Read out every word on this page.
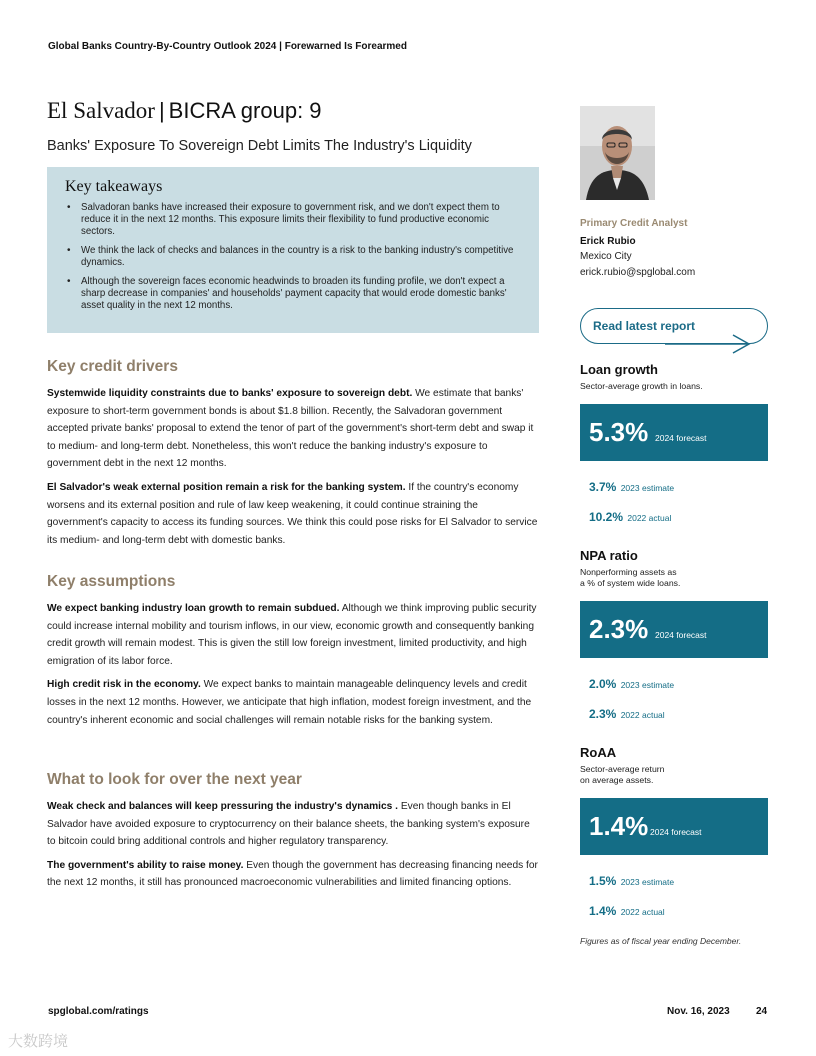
Global Banks Country-By-Country Outlook 2024 | Forewarned Is Forearmed
El Salvador | BICRA group: 9
Banks' Exposure To Sovereign Debt Limits The Industry's Liquidity
Key takeaways
• Salvadoran banks have increased their exposure to government risk, and we don't expect them to reduce it in the next 12 months. This exposure limits their flexibility to fund productive economic sectors.
• We think the lack of checks and balances in the country is a risk to the banking industry's competitive dynamics.
• Although the sovereign faces economic headwinds to broaden its funding profile, we don't expect a sharp decrease in companies' and households' payment capacity that would erode domestic banks' asset quality in the next 12 months.
Key credit drivers

Systemwide liquidity constraints due to banks' exposure to sovereign debt. We estimate that banks' exposure to short-term government bonds is about $1.8 billion. Recently, the Salvadoran government accepted private banks' proposal to extend the tenor of part of the government's short-term debt and swap it to medium- and long-term debt. Nonetheless, this won't reduce the banking industry's exposure to government debt in the next 12 months.

El Salvador's weak external position remain a risk for the banking system. If the country's economy worsens and its external position and rule of law keep weakening, it could continue straining the government's capacity to access its funding sources. We think this could pose risks for El Salvador to service its medium- and long-term debt with domestic banks.

Key assumptions

We expect banking industry loan growth to remain subdued. Although we think improving public security could increase internal mobility and tourism inflows, in our view, economic growth and consequently banking credit growth will remain modest. This is given the still low foreign investment, limited productivity, and high emigration of its labor force.

High credit risk in the economy. We expect banks to maintain manageable delinquency levels and credit losses in the next 12 months. However, we anticipate that high inflation, modest foreign investment, and the country's inherent economic and social challenges will remain notable risks for the banking system.

What to look for over the next year

Weak check and balances will keep pressuring the industry's dynamics . Even though banks in El Salvador have avoided exposure to cryptocurrency on their balance sheets, the banking system's exposure to bitcoin could bring additional controls and higher regulatory transparency.

The government's ability to raise money. Even though the government has decreasing financing needs for the next 12 months, it still has pronounced macroeconomic vulnerabilities and limited financing options.

Primary Credit Analyst
Erick Rubio
Mexico City
erick.rubio@spglobal.com
Read latest report
Loan growth
Sector-average growth in loans.
5.3% 2024 forecast
3.7% 2023 estimate
10.2% 2022 actual
NPA ratio
Nonperforming assets as
a % of system wide loans.
2.3% 2024 forecast
2.0% 2023 estimate
2.3% 2022 actual
RoAA
Sector-average return
on average assets.
1.4% 2024 forecast
1.5% 2023 estimate
1.4% 2022 actual
Figures as of fiscal year ending December.
spglobal.com/ratings	Nov. 16, 2023	24
大数跨境
